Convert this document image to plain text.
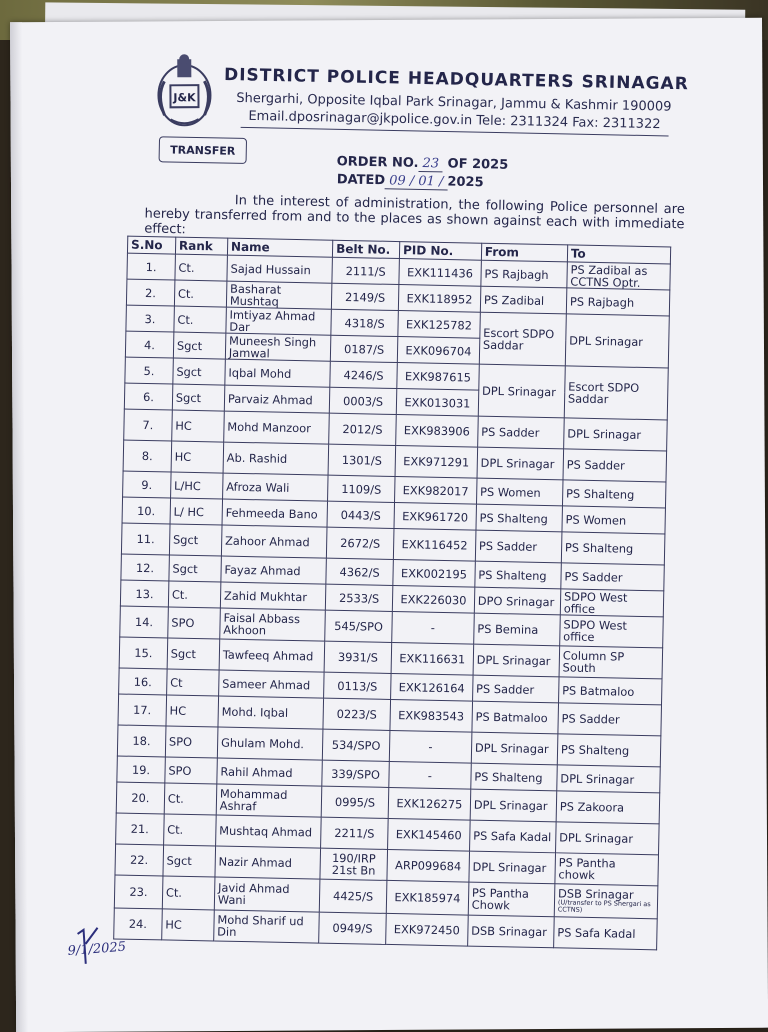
J&K
DISTRICT POLICE HEADQUARTERS SRINAGAR
Shergarhi, Opposite Iqbal Park Srinagar, Jammu & Kashmir 190009
Email.dposrinagar@jkpolice.gov.in Tele: 2311324 Fax: 2311322
TRANSFER
ORDER NO. 23 OF 2025
DATED 09 / 01 / 2025
In the interest of administration, the following Police personnel are hereby transferred from and to the places as shown against each with immediate effect:
S.No	Rank	Name	Belt No.	PID No.	From	To
1.	Ct.	Sajad Hussain	2111/S	EXK111436	PS Rajbagh	PS Zadibal as CCTNS Optr.
2.	Ct.	Basharat Mushtaq	2149/S	EXK118952	PS Zadibal	PS Rajbagh
3.	Ct.	Imtiyaz Ahmad Dar	4318/S	EXK125782	Escort SDPO Saddar	DPL Srinagar
4.	Sgct	Muneesh Singh Jamwal	0187/S	EXK096704		
5.	Sgct	Iqbal Mohd	4246/S	EXK987615	DPL Srinagar	Escort SDPO Saddar
6.	Sgct	Parvaiz Ahmad	0003/S	EXK013031		
7.	HC	Mohd Manzoor	2012/S	EXK983906	PS Sadder	DPL Srinagar
8.	HC	Ab. Rashid	1301/S	EXK971291	DPL Srinagar	PS Sadder
9.	L/HC	Afroza Wali	1109/S	EXK982017	PS Women	PS Shalteng
10.	L/ HC	Fehmeeda Bano	0443/S	EXK961720	PS Shalteng	PS Women
11.	Sgct	Zahoor Ahmad	2672/S	EXK116452	PS Sadder	PS Shalteng
12.	Sgct	Fayaz Ahmad	4362/S	EXK002195	PS Shalteng	PS Sadder
13.	Ct.	Zahid Mukhtar	2533/S	EXK226030	DPO Srinagar	SDPO West office
14.	SPO	Faisal Abbass Akhoon	545/SPO	-	PS Bemina	SDPO West office
15.	Sgct	Tawfeeq Ahmad	3931/S	EXK116631	DPL Srinagar	Column SP South
16.	Ct	Sameer Ahmad	0113/S	EXK126164	PS Sadder	PS Batmaloo
17.	HC	Mohd. Iqbal	0223/S	EXK983543	PS Batmaloo	PS Sadder
18.	SPO	Ghulam Mohd.	534/SPO	-	DPL Srinagar	PS Shalteng
19.	SPO	Rahil Ahmad	339/SPO	-	PS Shalteng	DPL Srinagar
20.	Ct.	Mohammad Ashraf	0995/S	EXK126275	DPL Srinagar	PS Zakoora
21.	Ct.	Mushtaq Ahmad	2211/S	EXK145460	PS Safa Kadal	DPL Srinagar
22.	Sgct	Nazir Ahmad	190/IRP 21st Bn	ARP099684	DPL Srinagar	PS Pantha chowk
23.	Ct.	Javid Ahmad Wani	4425/S	EXK185974	PS Pantha Chowk	DSB Srinagar
(U/transfer to PS Shergari as CCTNS)

24.	HC	Mohd Sharif ud Din	0949/S	EXK972450	DSB Srinagar	PS Safa Kadal
9/1/2025
